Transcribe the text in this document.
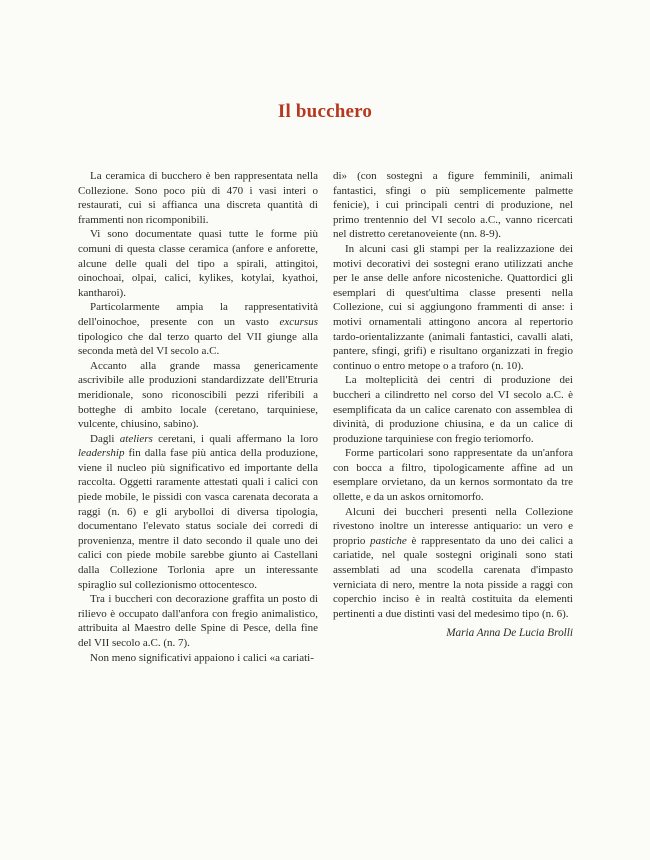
Il bucchero

La ceramica di bucchero è ben rappresentata nella Collezione. Sono poco più di 470 i vasi interi o restaurati, cui si affianca una discreta quantità di frammenti non ricomponibili.

Vi sono documentate quasi tutte le forme più comuni di questa classe ceramica (anfore e anforette, alcune delle quali del tipo a spirali, attingitoi, oinochoai, olpai, calici, kylikes, kotylai, kyathoi, kantharoi).

Particolarmente ampia la rappresentatività dell'oinochoe, presente con un vasto excursus tipologico che dal terzo quarto del VII giunge alla seconda metà del VI secolo a.C.

Accanto alla grande massa genericamente ascrivibile alle produzioni standardizzate dell'Etruria meridionale, sono riconoscibili pezzi riferibili a botteghe di ambito locale (ceretano, tarquiniese, vulcente, chiusino, sabino).

Dagli ateliers ceretani, i quali affermano la loro leadership fin dalla fase più antica della produzione, viene il nucleo più significativo ed importante della raccolta. Oggetti raramente attestati quali i calici con piede mobile, le pissidi con vasca carenata decorata a raggi (n. 6) e gli arybolloi di diversa tipologia, documentano l'elevato status sociale dei corredi di provenienza, mentre il dato secondo il quale uno dei calici con piede mobile sarebbe giunto ai Castellani dalla Collezione Torlonia apre un interessante spiraglio sul collezionismo ottocentesco.

Tra i buccheri con decorazione graffita un posto di rilievo è occupato dall'anfora con fregio animalistico, attribuita al Maestro delle Spine di Pesce, della fine del VII secolo a.C. (n. 7).

Non meno significativi appaiono i calici «a cariati-

di» (con sostegni a figure femminili, animali fantastici, sfingi o più semplicemente palmette fenicie), i cui principali centri di produzione, nel primo trentennio del VI secolo a.C., vanno ricercati nel distretto ceretanoveiente (nn. 8-9).

In alcuni casi gli stampi per la realizzazione dei motivi decorativi dei sostegni erano utilizzati anche per le anse delle anfore nicosteniche. Quattordici gli esemplari di quest'ultima classe presenti nella Collezione, cui si aggiungono frammenti di anse: i motivi ornamentali attingono ancora al repertorio tardo-orientalizzante (animali fantastici, cavalli alati, pantere, sfingi, grifi) e risultano organizzati in fregio continuo o entro metope o a traforo (n. 10).

La molteplicità dei centri di produzione dei buccheri a cilindretto nel corso del VI secolo a.C. è esemplificata da un calice carenato con assemblea di divinità, di produzione chiusina, e da un calice di produzione tarquiniese con fregio teriomorfo.

Forme particolari sono rappresentate da un'anfora con bocca a filtro, tipologicamente affine ad un esemplare orvietano, da un kernos sormontato da tre ollette, e da un askos ornitomorfo.

Alcuni dei buccheri presenti nella Collezione rivestono inoltre un interesse antiquario: un vero e proprio pastiche è rappresentato da uno dei calici a cariatide, nel quale sostegni originali sono stati assemblati ad una scodella carenata d'impasto verniciata di nero, mentre la nota pisside a raggi con coperchio inciso è in realtà costituita da elementi pertinenti a due distinti vasi del medesimo tipo (n. 6).

Maria Anna De Lucia Brolli
